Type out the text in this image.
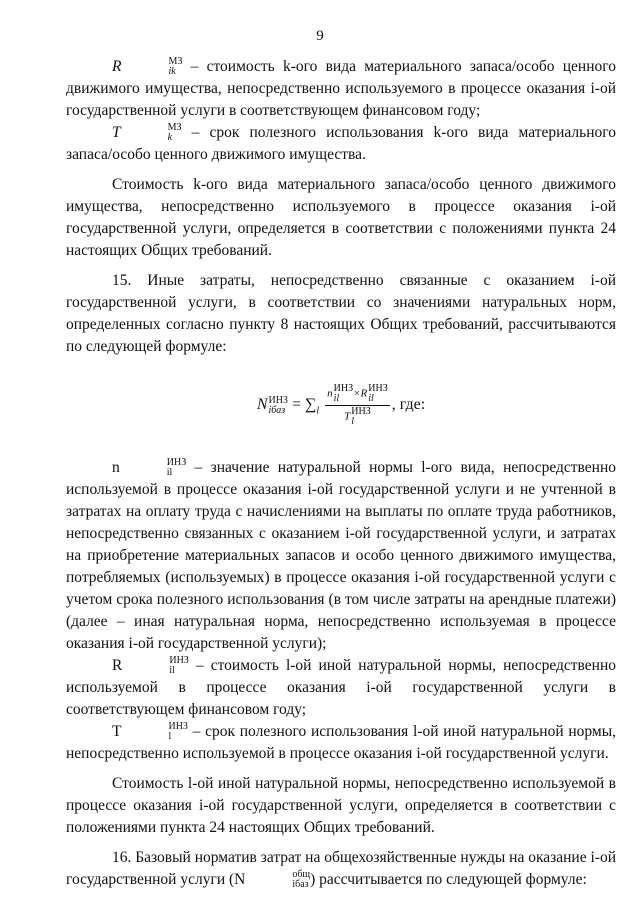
9

R	МЗ
ik – стоимость k-ого вида материального запаса/особо ценного движимого имущества, непосредственно используемого в процессе оказания i-ой государственной услуги в соответствующем финансовом году;

T	МЗ
k	– срок полезного использования k-ого вида материального запаса/особо ценного движимого имущества.

Стоимость k-ого вида материального запаса/особо ценного движимого имущества, непосредственно используемого в процессе оказания i-ой государственной услуги, определяется в соответствии с положениями пункта 24 настоящих Общих требований.

15. Иные затраты, непосредственно связанные с оказанием i-ой государственной услуги, в соответствии со значениями натуральных норм, определенных согласно пункту 8 настоящих Общих требований, рассчитываются по следующей формуле:

N ИНЗ
iбаз = $\sum_l$ n ИНЗ
il	×R ИНЗ
il
T ИНЗ
l , где:

n	ИНЗ
il	– значение натуральной нормы l-ого вида, непосредственно используемой в процессе оказания i-ой государственной услуги и не учтенной в затратах на оплату труда с начислениями на выплаты по оплате труда работников, непосредственно связанных с оказанием i-ой государственной услуги, и затратах на приобретение материальных запасов и особо ценного движимого имущества, потребляемых (используемых) в процессе оказания i-ой государственной услуги с учетом срока полезного использования (в том числе затраты на арендные платежи) (далее – иная натуральная норма, непосредственно используемая в процессе оказания i-ой государственной услуги);

R	ИНЗ
il	– стоимость l-ой иной натуральной нормы, непосредственно используемой в процессе оказания i-ой государственной услуги в соответствующем финансовом году;

T	ИНЗ
l	– срок полезного использования l-ой иной натуральной нормы, непосредственно используемой в процессе оказания i-ой государственной услуги.

Стоимость l-ой иной натуральной нормы, непосредственно используемой в процессе оказания i-ой государственной услуги, определяется в соответствии с положениями пункта 24 настоящих Общих требований.

16. Базовый норматив затрат на общехозяйственные нужды на оказание i-ой государственной услуги (N	общ
iбаз ) рассчитывается по следующей формуле:
